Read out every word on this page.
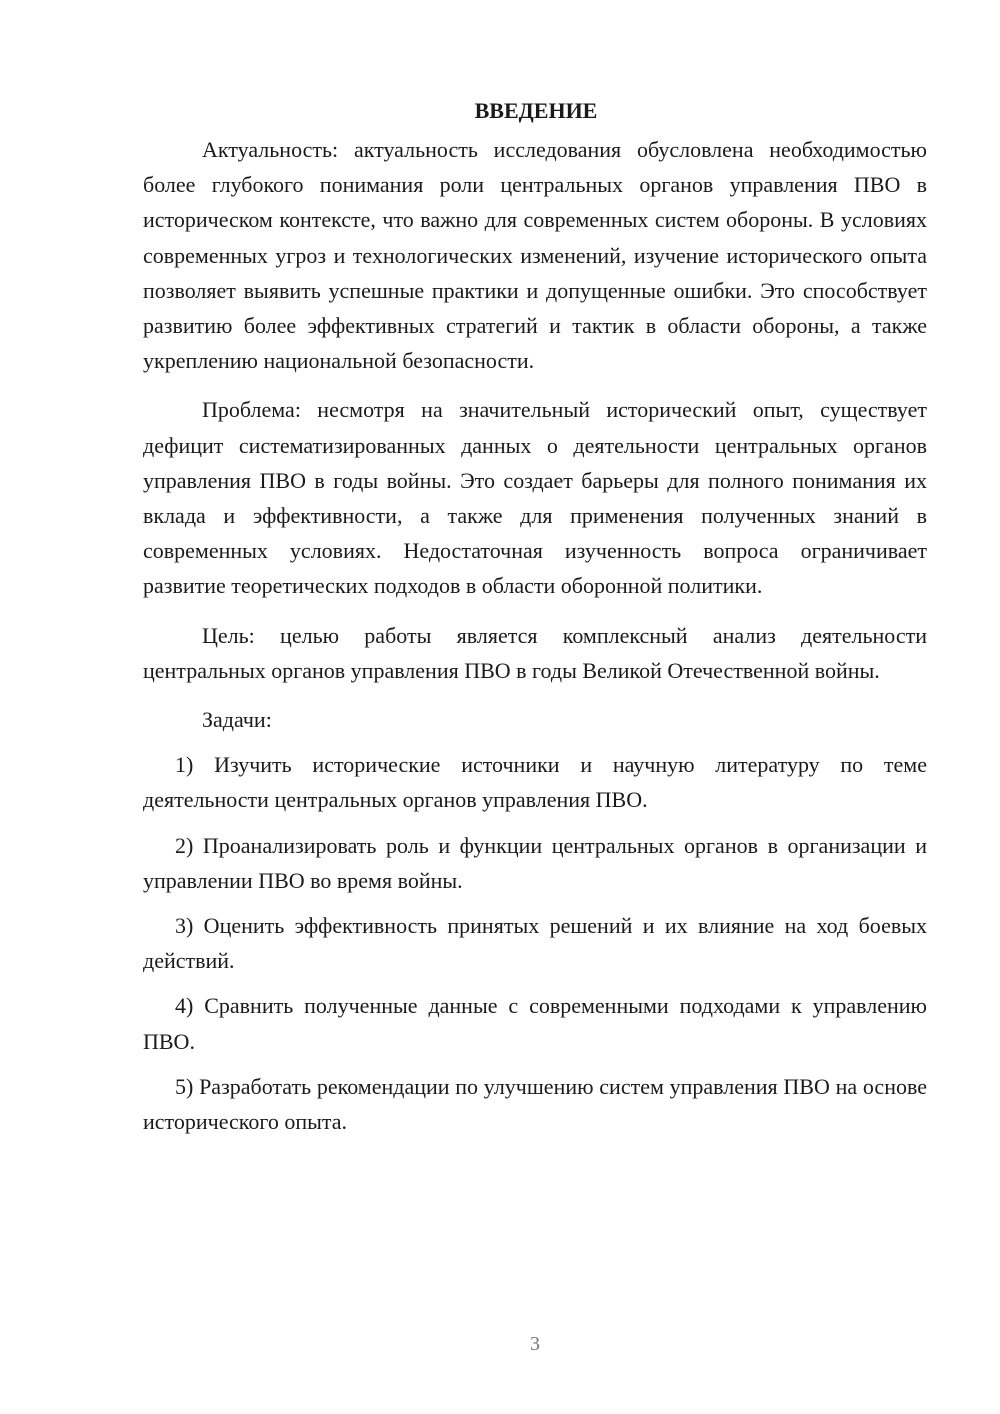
ВВЕДЕНИЕ

Актуальность: актуальность исследования обусловлена необходимостью более глубокого понимания роли центральных органов управления ПВО в историческом контексте, что важно для современных систем обороны. В условиях современных угроз и технологических изменений, изучение исторического опыта позволяет выявить успешные практики и допущенные ошибки. Это способствует развитию более эффективных стратегий и тактик в области обороны, а также укреплению национальной безопасности.

Проблема: несмотря на значительный исторический опыт, существует дефицит систематизированных данных о деятельности центральных органов управления ПВО в годы войны. Это создает барьеры для полного понимания их вклада и эффективности, а также для применения полученных знаний в современных условиях. Недостаточная изученность вопроса ограничивает развитие теоретических подходов в области оборонной политики.

Цель: целью работы является комплексный анализ деятельности центральных органов управления ПВО в годы Великой Отечественной войны.

Задачи:

1) Изучить исторические источники и научную литературу по теме деятельности центральных органов управления ПВО.

2) Проанализировать роль и функции центральных органов в организации и управлении ПВО во время войны.

3) Оценить эффективность принятых решений и их влияние на ход боевых действий.

4) Сравнить полученные данные с современными подходами к управлению ПВО.

5) Разработать рекомендации по улучшению систем управления ПВО на основе исторического опыта.

3
